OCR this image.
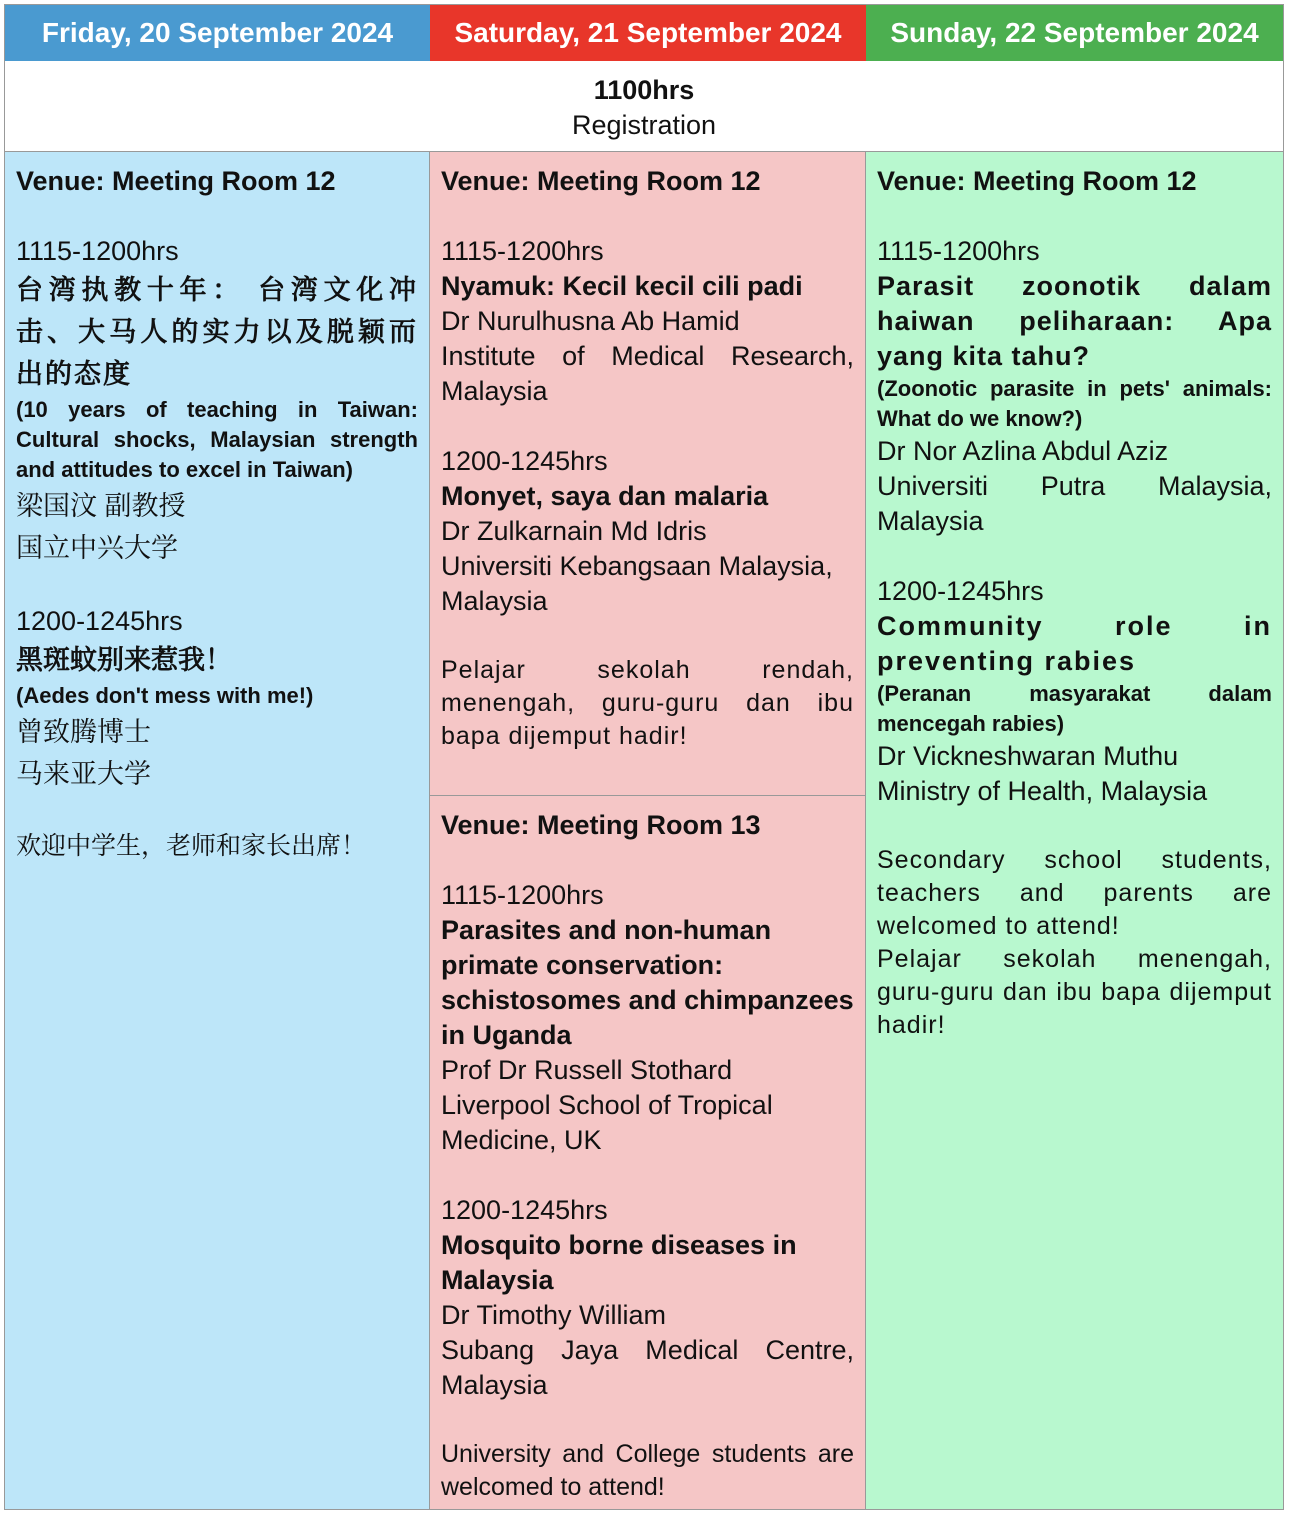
Friday, 20 September 2024	Saturday, 21 September 2024	Sunday, 22 September 2024
1100hrs
Registration
Venue: Meeting Room 12
1115-1200hrs
台湾执教十年： 台湾文化冲击、大马人的实力以及脱颖而出的态度
(10 years of teaching in Taiwan: Cultural shocks, Malaysian strength and attitudes to excel in Taiwan)
梁国汶 副教授
国立中兴大学
1200-1245hrs
黑斑蚊别来惹我！
(Aedes don't mess with me!)
曾致腾博士
马来亚大学
欢迎中学生，老师和家长出席！
Venue: Meeting Room 12
1115-1200hrs
Nyamuk: Kecil kecil cili padi
Dr Nurulhusna Ab Hamid
Institute of Medical Research, Malaysia
1200-1245hrs
Monyet, saya dan malaria
Dr Zulkarnain Md Idris
Universiti Kebangsaan Malaysia, Malaysia
Pelajar sekolah rendah, menengah, guru-guru dan ibu bapa dijemput hadir!
Venue: Meeting Room 13
1115-1200hrs
Parasites and non-human primate conservation: schistosomes and chimpanzees in Uganda
Prof Dr Russell Stothard
Liverpool School of Tropical Medicine, UK
1200-1245hrs
Mosquito borne diseases in Malaysia
Dr Timothy William
Subang Jaya Medical Centre, Malaysia
University and College students are welcomed to attend!
Venue: Meeting Room 12
1115-1200hrs
Parasit zoonotik dalam haiwan peliharaan: Apa yang kita tahu?
(Zoonotic parasite in pets' animals: What do we know?)
Dr Nor Azlina Abdul Aziz
Universiti Putra Malaysia, Malaysia
1200-1245hrs
Community role in preventing rabies
(Peranan masyarakat dalam mencegah rabies)
Dr Vickneshwaran Muthu
Ministry of Health, Malaysia
Secondary school students, teachers and parents are welcomed to attend!
Pelajar sekolah menengah, guru-guru dan ibu bapa dijemput hadir!
